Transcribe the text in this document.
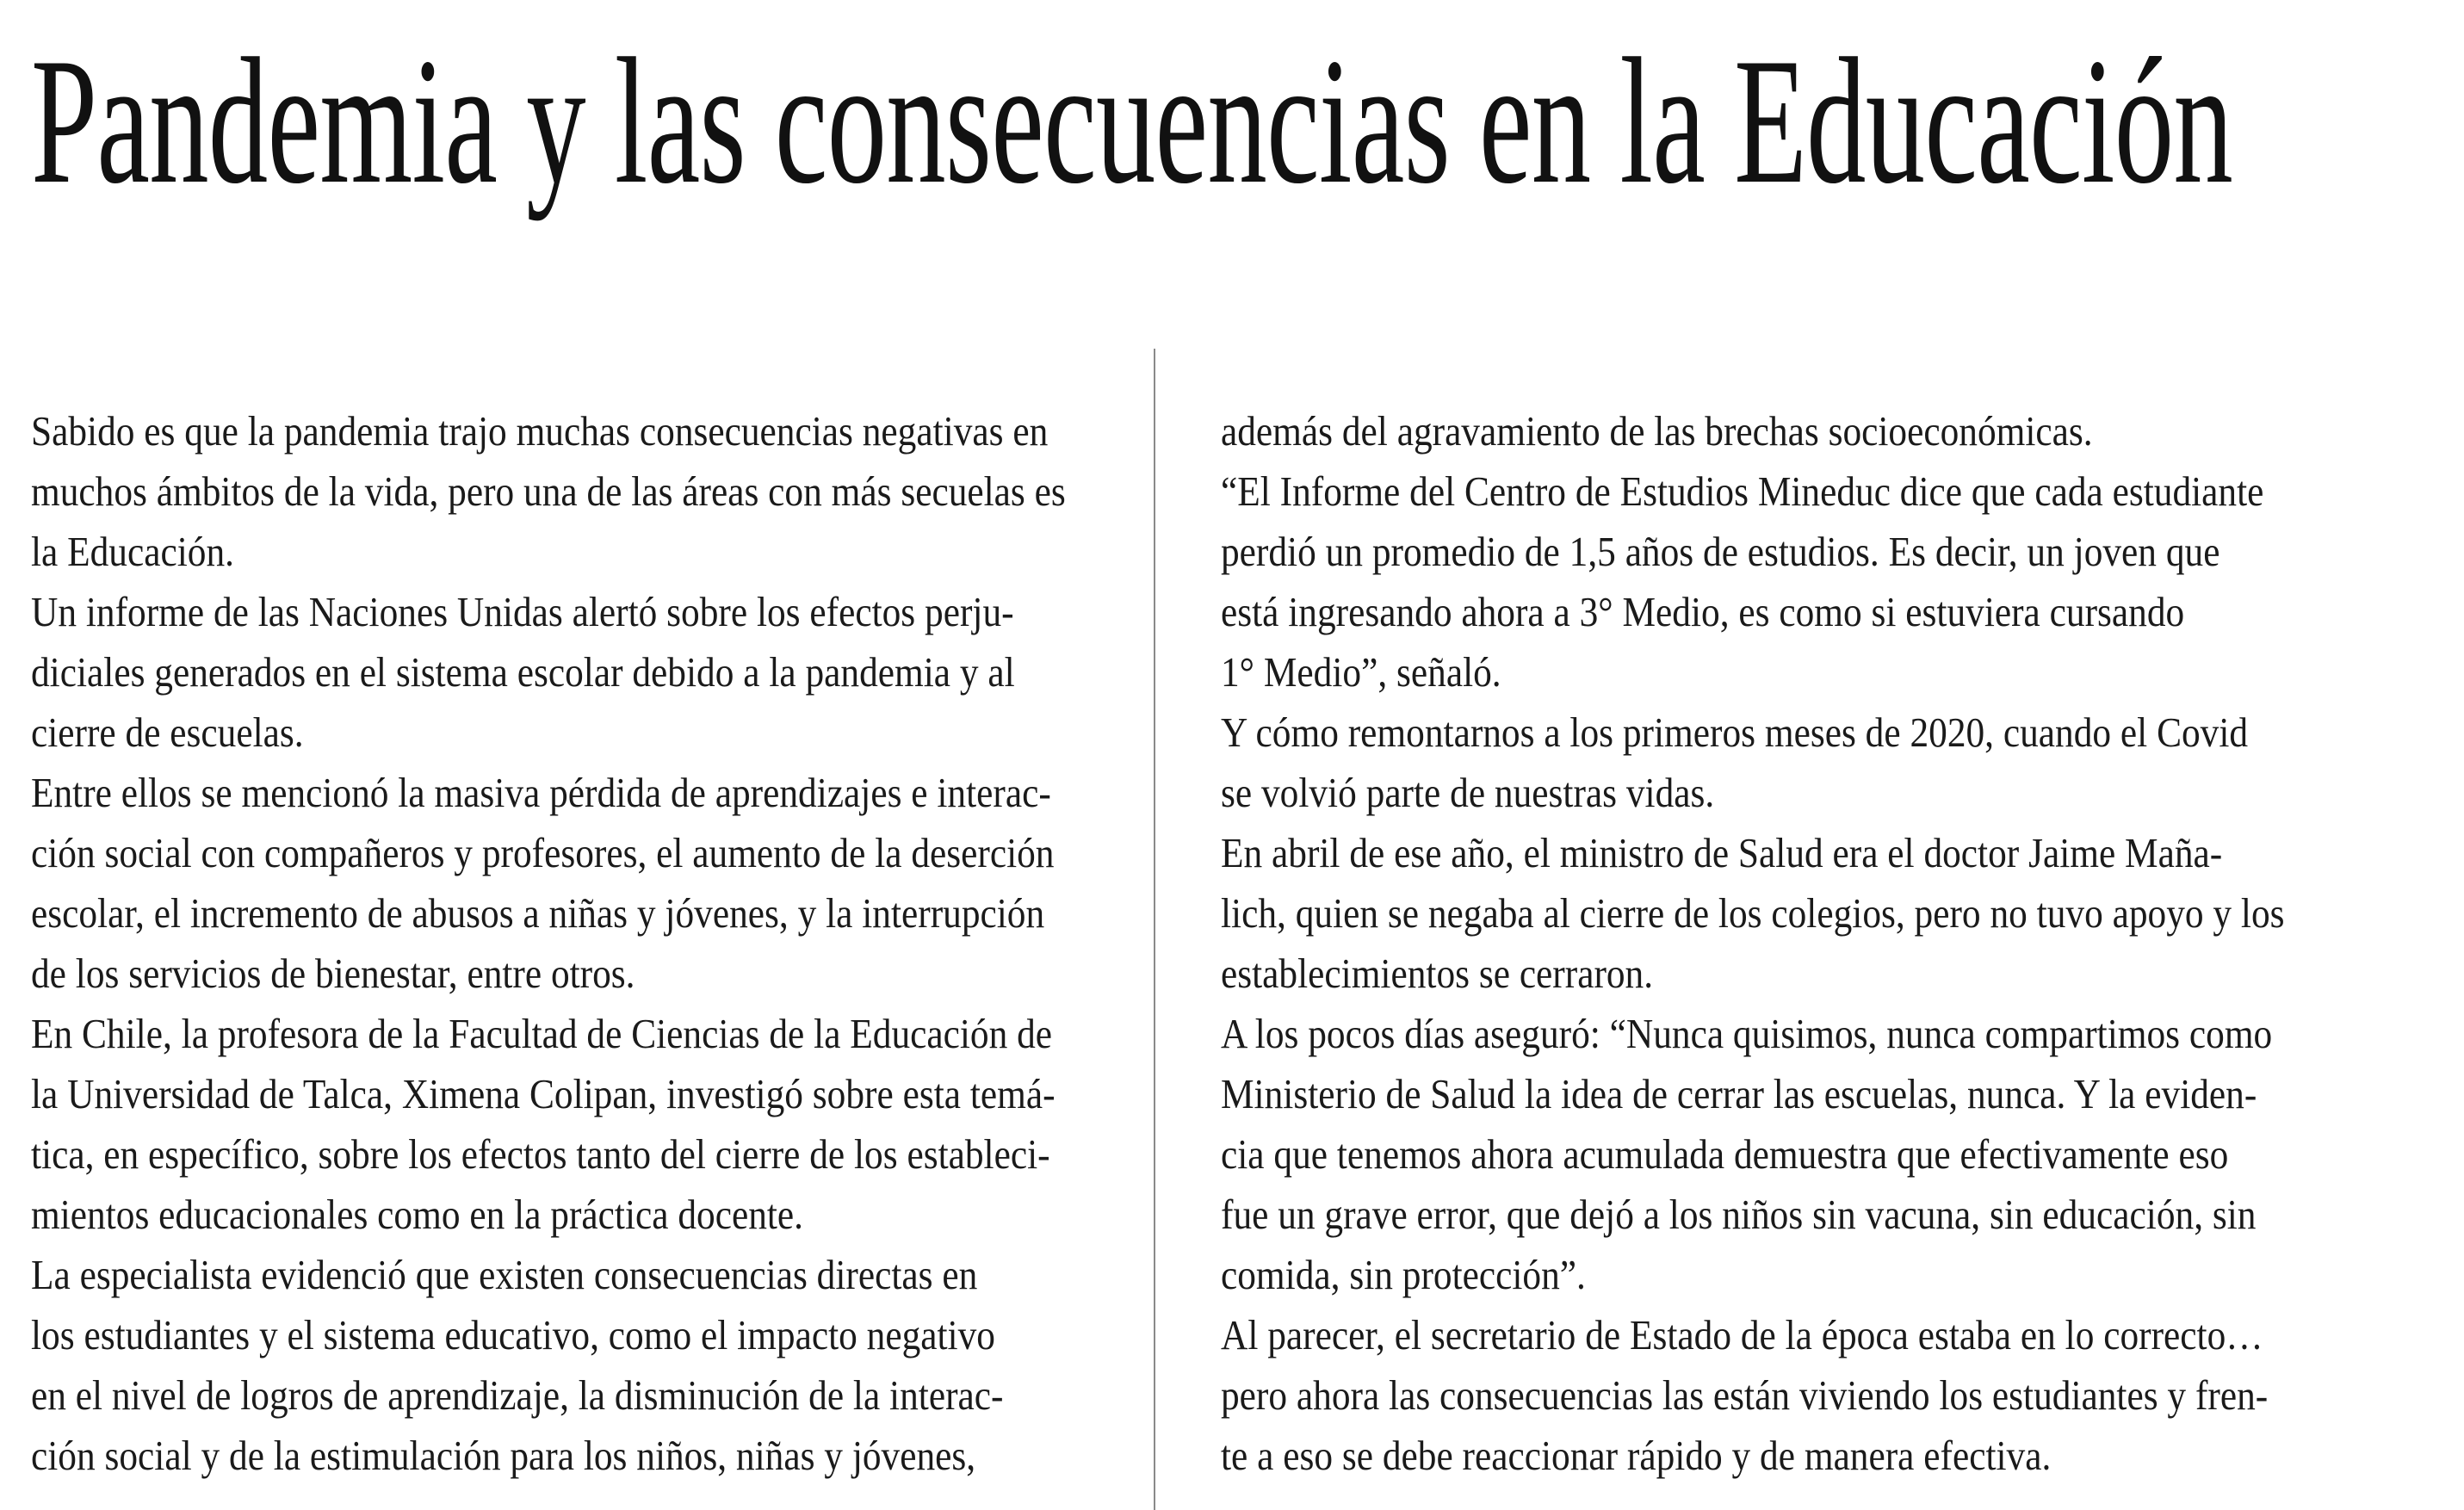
Pandemia y las consecuencias en la Educación
Sabido es que la pandemia trajo muchas consecuencias negativas en
muchos ámbitos de la vida, pero una de las áreas con más secuelas es
la Educación.
Un informe de las Naciones Unidas alertó sobre los efectos perju-
diciales generados en el sistema escolar debido a la pandemia y al
cierre de escuelas.
Entre ellos se mencionó la masiva pérdida de aprendizajes e interac-
ción social con compañeros y profesores, el aumento de la deserción
escolar, el incremento de abusos a niñas y jóvenes, y la interrupción
de los servicios de bienestar, entre otros.
En Chile, la profesora de la Facultad de Ciencias de la Educación de
la Universidad de Talca, Ximena Colipan, investigó sobre esta temá-
tica, en específico, sobre los efectos tanto del cierre de los estableci-
mientos educacionales como en la práctica docente.
La especialista evidenció que existen consecuencias directas en
los estudiantes y el sistema educativo, como el impacto negativo
en el nivel de logros de aprendizaje, la disminución de la interac-
ción social y de la estimulación para los niños, niñas y jóvenes,
además del agravamiento de las brechas socioeconómicas.
“El Informe del Centro de Estudios Mineduc dice que cada estudiante
perdió un promedio de 1,5 años de estudios. Es decir, un joven que
está ingresando ahora a 3° Medio, es como si estuviera cursando
1° Medio”, señaló.
Y cómo remontarnos a los primeros meses de 2020, cuando el Covid
se volvió parte de nuestras vidas.
En abril de ese año, el ministro de Salud era el doctor Jaime Maña-
lich, quien se negaba al cierre de los colegios, pero no tuvo apoyo y los
establecimientos se cerraron.
A los pocos días aseguró: “Nunca quisimos, nunca compartimos como
Ministerio de Salud la idea de cerrar las escuelas, nunca. Y la eviden-
cia que tenemos ahora acumulada demuestra que efectivamente eso
fue un grave error, que dejó a los niños sin vacuna, sin educación, sin
comida, sin protección”.
Al parecer, el secretario de Estado de la época estaba en lo correcto…
pero ahora las consecuencias las están viviendo los estudiantes y fren-
te a eso se debe reaccionar rápido y de manera efectiva.
